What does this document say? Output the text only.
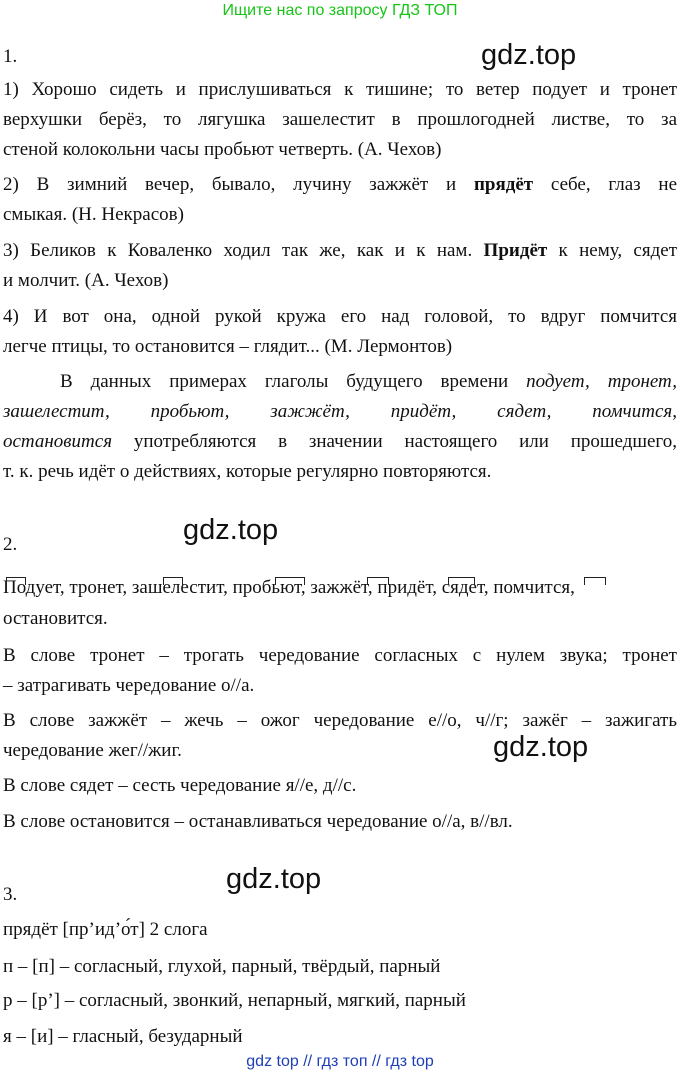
Ищите нас по запросу ГДЗ ТОП
gdz.top
gdz.top
gdz.top
gdz.top
1.
1) Хорошо сидеть и прислушиваться к тишине; то ветер подует и тронет
верхушки берёз, то лягушка зашелестит в прошлогодней листве, то за
стеной колокольни часы пробьют четверть. (А. Чехов)
2) В зимний вечер, бывало, лучину зажжёт и прядёт себе, глаз не
смыкая. (Н. Некрасов)
3) Беликов к Коваленко ходил так же, как и к нам. Придёт к нему, сядет
и молчит. (А. Чехов)
4) И вот она, одной рукой кружа его над головой, то вдруг помчится
легче птицы, то остановится – глядит... (М. Лермонтов)
В данных примерах глаголы будущего времени подует, тронет,
зашелестит, пробьют, зажжёт, придёт, сядет, помчится,
остановится употребляются в значении настоящего или прошедшего,
т. к. речь идёт о действиях, которые регулярно повторяются.
2.
Подует, тронет, зашелестит, пробьют, зажжёт, придёт, сядет, помчится,
остановится.
В слове тронет – трогать чередование согласных с нулем звука; тронет
– затрагивать чередование о//а.
В слове зажжёт – жечь – ожог чередование е//о, ч//г; зажёг – зажигать
чередование жег//жиг.
В слове сядет – сесть чередование я//е, д//с.
В слове остановится – останавливаться чередование о//а, в//вл.
3.
прядёт [пр’ид’о́т] 2 слога
п – [п] – согласный, глухой, парный, твёрдый, парный
р – [р’] – согласный, звонкий, непарный, мягкий, парный
я – [и] – гласный, безударный
gdz top // гдз топ // гдз top
